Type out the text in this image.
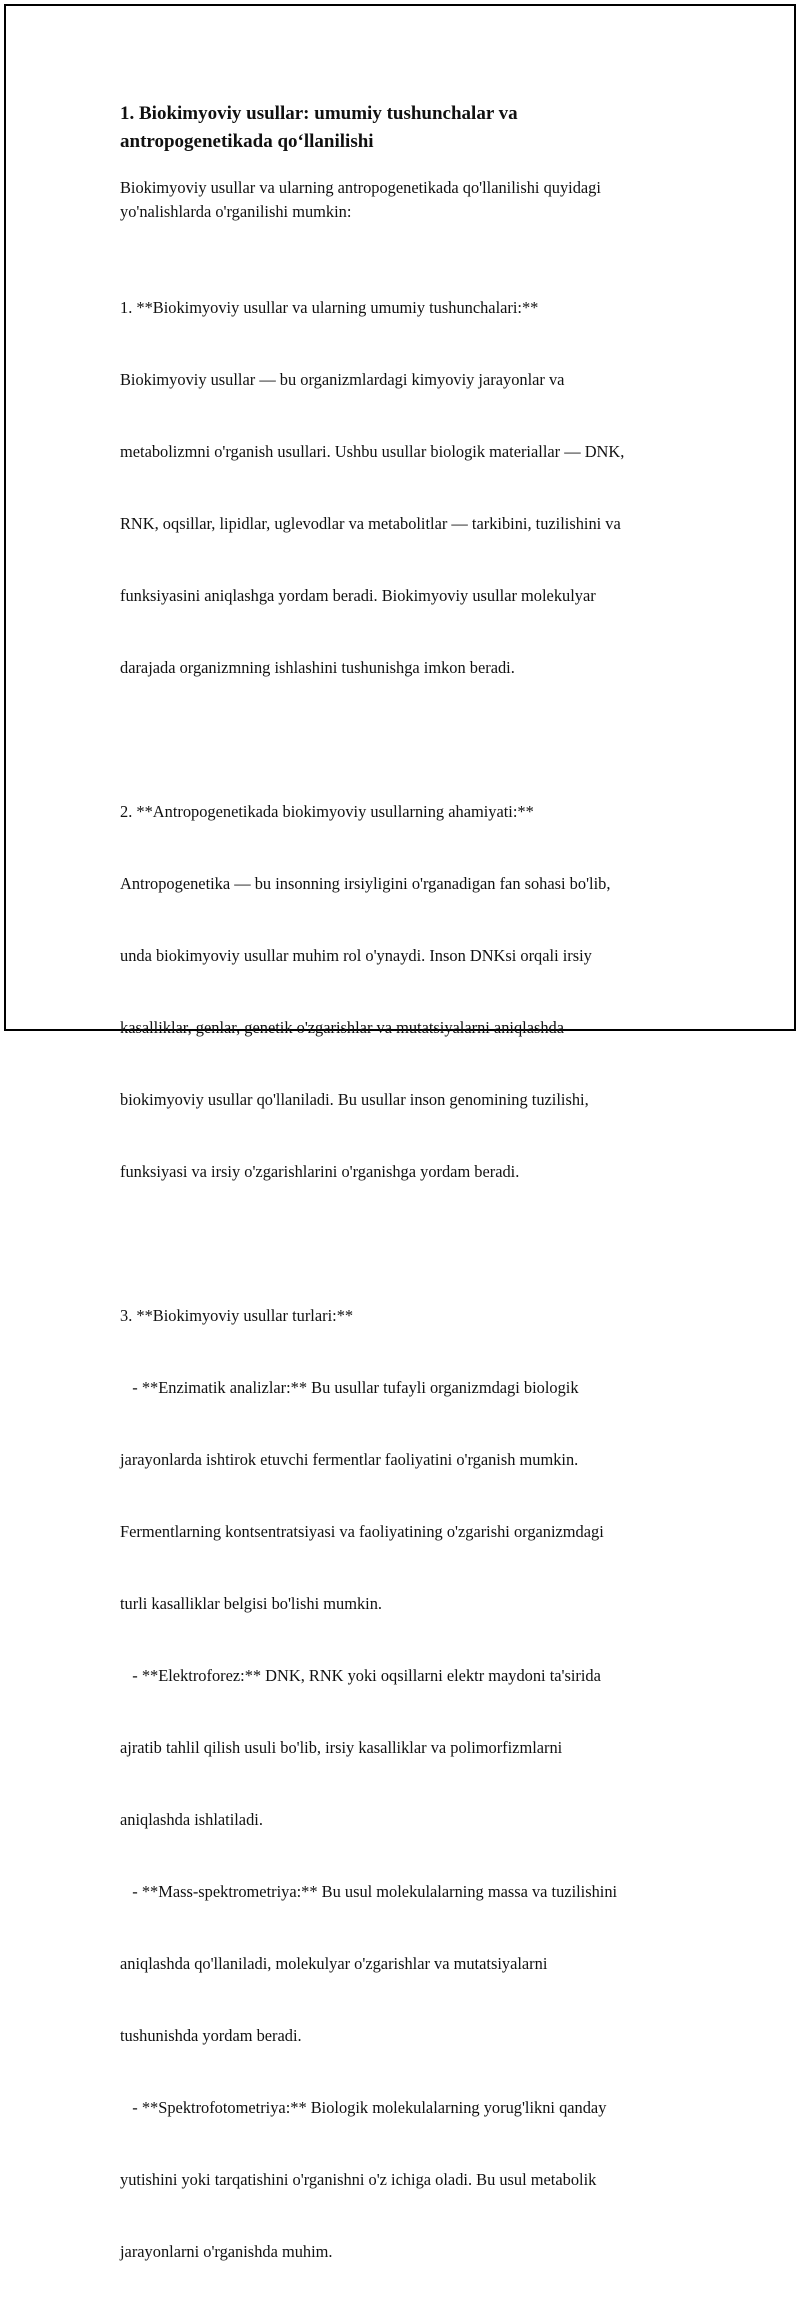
1. Biokimyoviy usullar: umumiy tushunchalar va
antropogenetikada qo‘llanilishi

Biokimyoviy usullar va ularning antropogenetikada qo'llanilishi quyidagi
yo'nalishlarda o'rganilishi mumkin:

1. **Biokimyoviy usullar va ularning umumiy tushunchalari:**

Biokimyoviy usullar — bu organizmlardagi kimyoviy jarayonlar va

metabolizmni o'rganish usullari. Ushbu usullar biologik materiallar — DNK,

RNK, oqsillar, lipidlar, uglevodlar va metabolitlar — tarkibini, tuzilishini va

funksiyasini aniqlashga yordam beradi. Biokimyoviy usullar molekulyar

darajada organizmning ishlashini tushunishga imkon beradi.

2. **Antropogenetikada biokimyoviy usullarning ahamiyati:**

Antropogenetika — bu insonning irsiyligini o'rganadigan fan sohasi bo'lib,

unda biokimyoviy usullar muhim rol o'ynaydi. Inson DNKsi orqali irsiy

kasalliklar, genlar, genetik o'zgarishlar va mutatsiyalarni aniqlashda

biokimyoviy usullar qo'llaniladi. Bu usullar inson genomining tuzilishi,

funksiyasi va irsiy o'zgarishlarini o'rganishga yordam beradi.

3. **Biokimyoviy usullar turlari:**

- **Enzimatik analizlar:** Bu usullar tufayli organizmdagi biologik

jarayonlarda ishtirok etuvchi fermentlar faoliyatini o'rganish mumkin.

Fermentlarning kontsentratsiyasi va faoliyatining o'zgarishi organizmdagi

turli kasalliklar belgisi bo'lishi mumkin.

- **Elektroforez:** DNK, RNK yoki oqsillarni elektr maydoni ta'sirida

ajratib tahlil qilish usuli bo'lib, irsiy kasalliklar va polimorfizmlarni

aniqlashda ishlatiladi.

- **Mass-spektrometriya:** Bu usul molekulalarning massa va tuzilishini

aniqlashda qo'llaniladi, molekulyar o'zgarishlar va mutatsiyalarni

tushunishda yordam beradi.

- **Spektrofotometriya:** Biologik molekulalarning yorug'likni qanday

yutishini yoki tarqatishini o'rganishni o'z ichiga oladi. Bu usul metabolik

jarayonlarni o'rganishda muhim.
